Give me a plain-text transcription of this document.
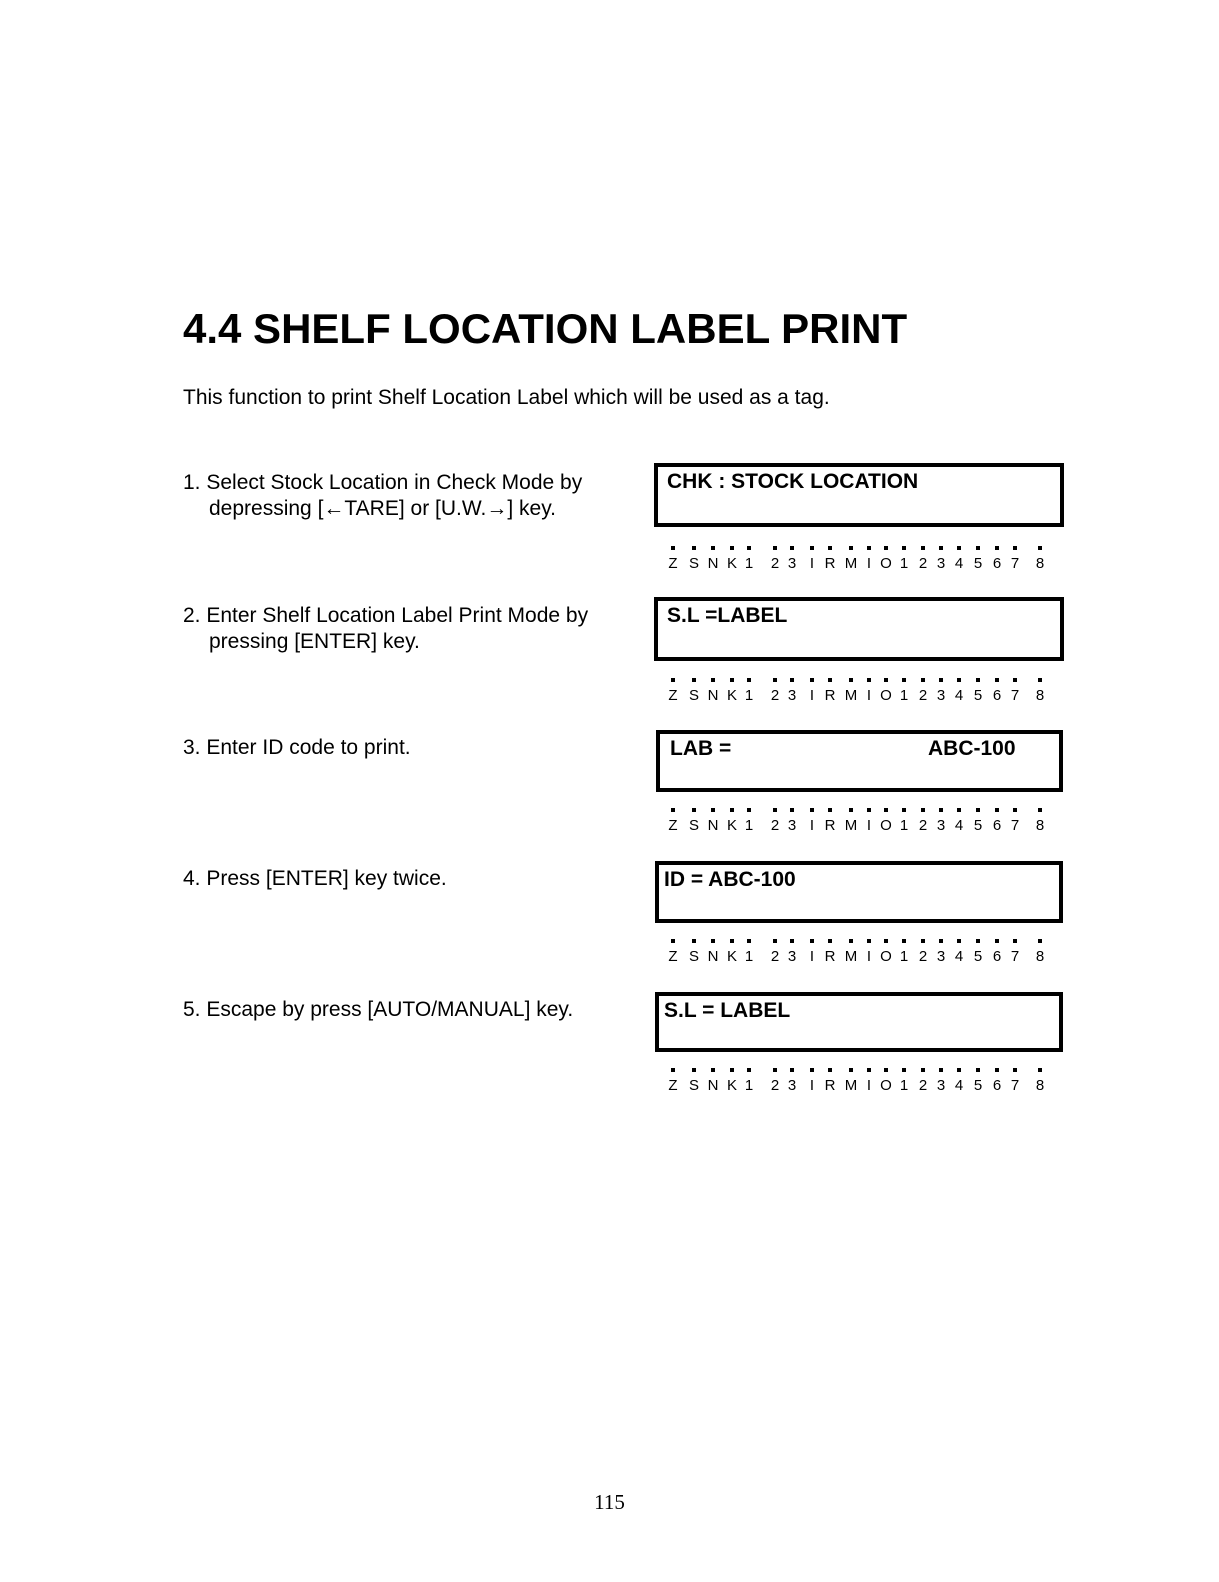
4.4 SHELF LOCATION LABEL PRINT
This function to print Shelf Location Label which will be used as a tag.
1. Select Stock Location in Check Mode by
depressing [←TARE] or [U.W.→] key.
CHK : STOCK LOCATION
Z S N K 1 2 3 I R M I O 1 2 3 4 5 6 7 8
2. Enter Shelf Location Label Print Mode by
pressing [ENTER] key.
S.L =LABEL
Z S N K 1 2 3 I R M I O 1 2 3 4 5 6 7 8
3. Enter ID code to print.	LAB =	ABC-100
Z S N K 1 2 3 I R M I O 1 2 3 4 5 6 7 8
4. Press [ENTER] key twice.	ID = ABC-100
Z S N K 1 2 3 I R M I O 1 2 3 4 5 6 7 8
5. Escape by press [AUTO/MANUAL] key.	S.L = LABEL
Z S N K 1 2 3 I R M I O 1 2 3 4 5 6 7 8
115
